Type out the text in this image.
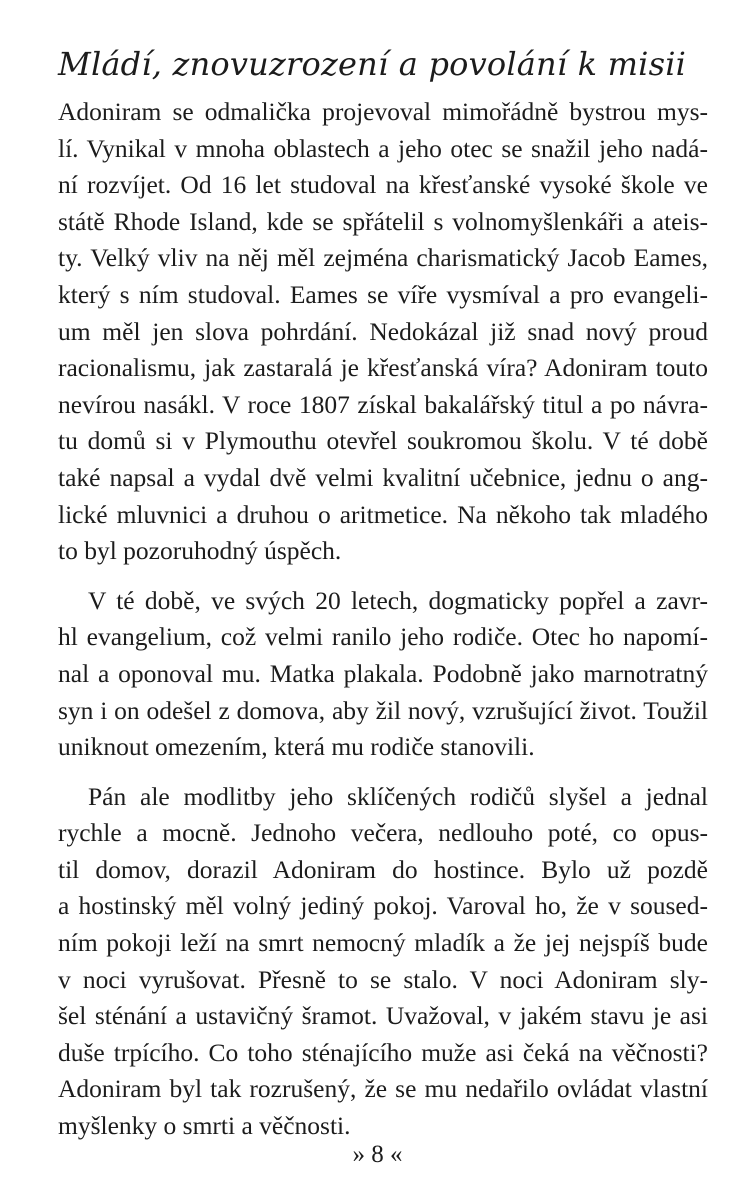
Mládí, znovuzrození a povolání k misii
Adoniram se odmalička projevoval mimořádně bystrou mys-
lí. Vynikal v mnoha oblastech a jeho otec se snažil jeho nadá-
ní rozvíjet. Od 16 let studoval na křesťanské vysoké škole ve
státě Rhode Island, kde se spřátelil s volnomyšlenkáři a ateis-
ty. Velký vliv na něj měl zejména charismatický Jacob Eames,
který s ním studoval. Eames se víře vysmíval a pro evangeli-
um měl jen slova pohrdání. Nedokázal již snad nový proud
racionalismu, jak zastaralá je křesťanská víra? Adoniram touto
nevírou nasákl. V roce 1807 získal bakalářský titul a po návra-
tu domů si v Plymouthu otevřel soukromou školu. V té době
také napsal a vydal dvě velmi kvalitní učebnice, jednu o ang-
lické mluvnici a druhou o aritmetice. Na někoho tak mladého
to byl pozoruhodný úspěch.
V té době, ve svých 20 letech, dogmaticky popřel a zavr-
hl evangelium, což velmi ranilo jeho rodiče. Otec ho napomí-
nal a oponoval mu. Matka plakala. Podobně jako marnotratný
syn i on odešel z domova, aby žil nový, vzrušující život. Toužil
uniknout omezením, která mu rodiče stanovili.
Pán ale modlitby jeho sklíčených rodičů slyšel a jednal
rychle a mocně. Jednoho večera, nedlouho poté, co opus-
til domov, dorazil Adoniram do hostince. Bylo už pozdě
a hostinský měl volný jediný pokoj. Varoval ho, že v soused-
ním pokoji leží na smrt nemocný mladík a že jej nejspíš bude
v noci vyrušovat. Přesně to se stalo. V noci Adoniram sly-
šel sténání a ustavičný šramot. Uvažoval, v jakém stavu je asi
duše trpícího. Co toho sténajícího muže asi čeká na věčnosti?
Adoniram byl tak rozrušený, že se mu nedařilo ovládat vlastní
myšlenky o smrti a věčnosti.
» 8 «
